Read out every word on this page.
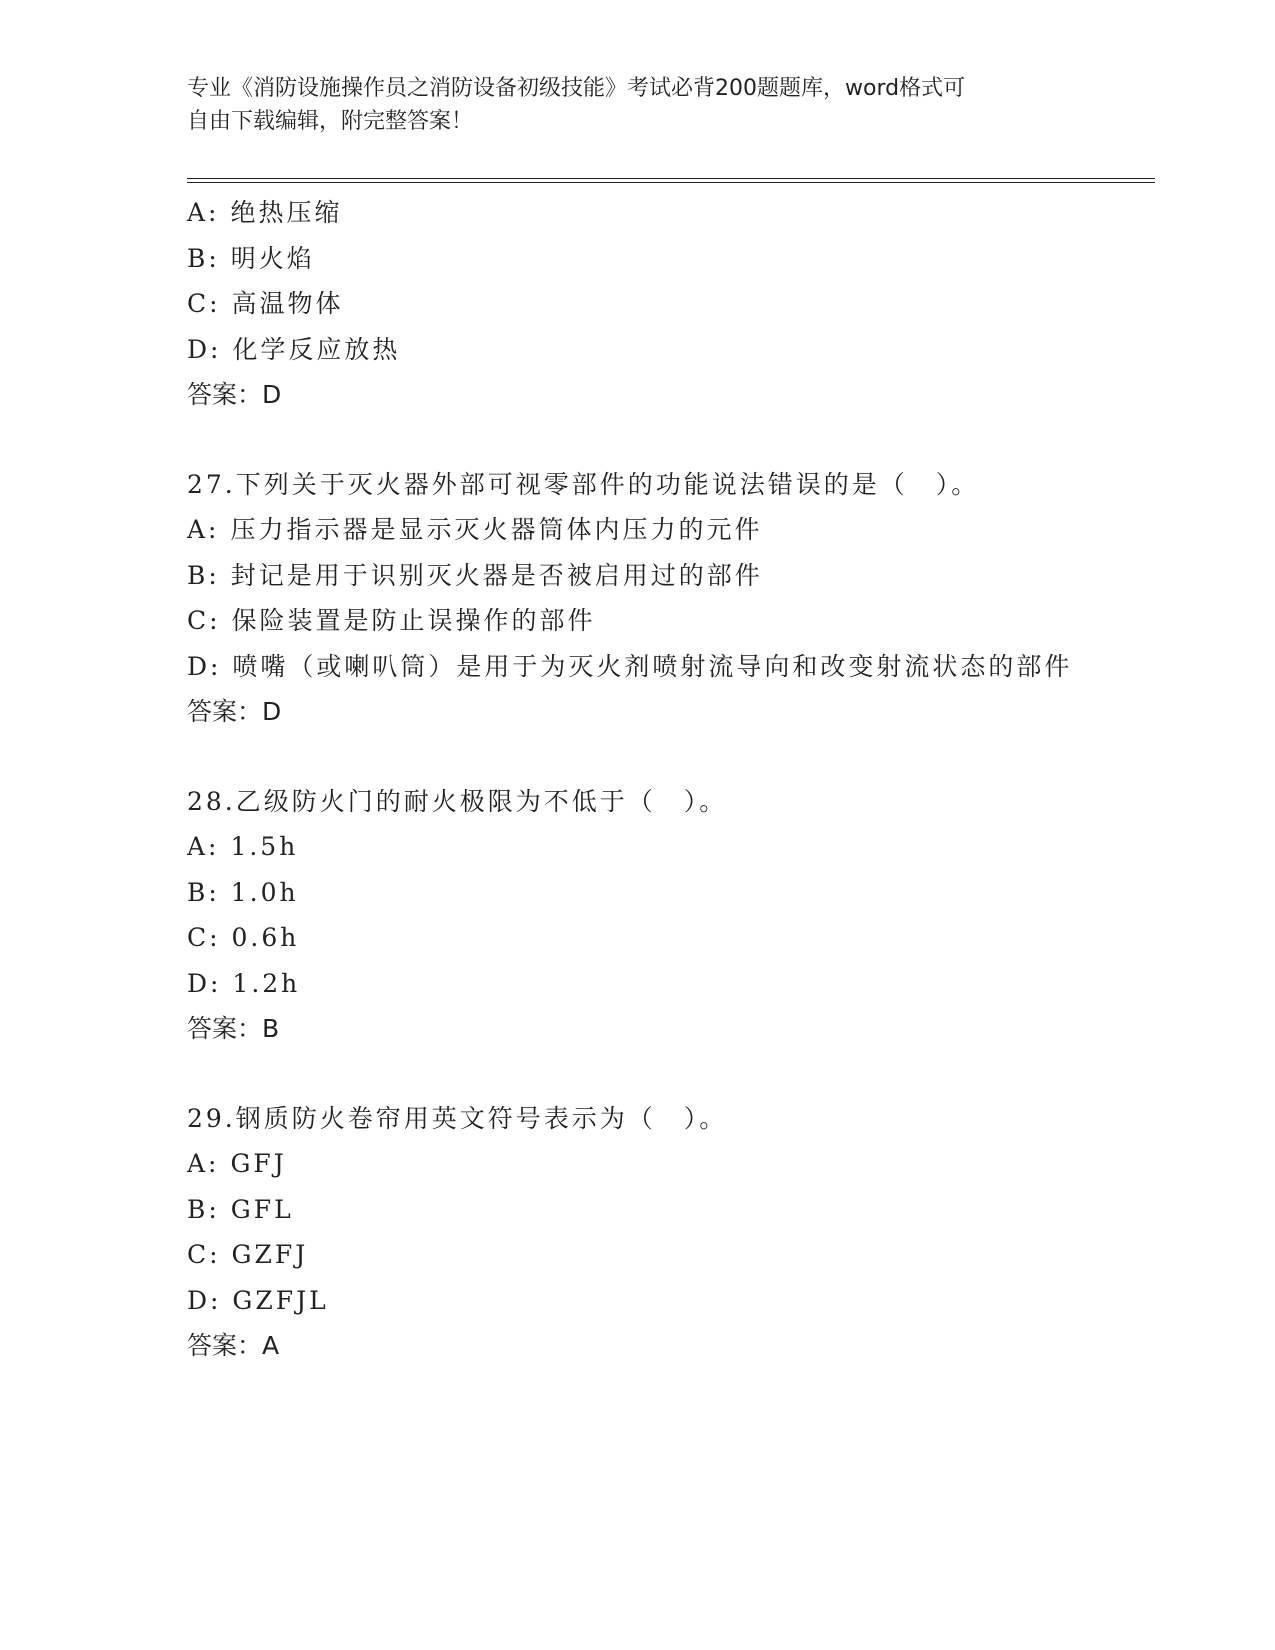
专业《消防设施操作员之消防设备初级技能》考试必背200题题库，word格式可
自由下载编辑，附完整答案！
A: 绝热压缩
B: 明火焰
C: 高温物体
D: 化学反应放热
答案：D
27.下列关于灭火器外部可视零部件的功能说法错误的是（　）。
A: 压力指示器是显示灭火器筒体内压力的元件
B: 封记是用于识别灭火器是否被启用过的部件
C: 保险装置是防止误操作的部件
D: 喷嘴（或喇叭筒）是用于为灭火剂喷射流导向和改变射流状态的部件
答案：D
28.乙级防火门的耐火极限为不低于（　）。
A: 1.5h
B: 1.0h
C: 0.6h
D: 1.2h
答案：B
29.钢质防火卷帘用英文符号表示为（　）。
A: GFJ
B: GFL
C: GZFJ
D: GZFJL
答案：A
